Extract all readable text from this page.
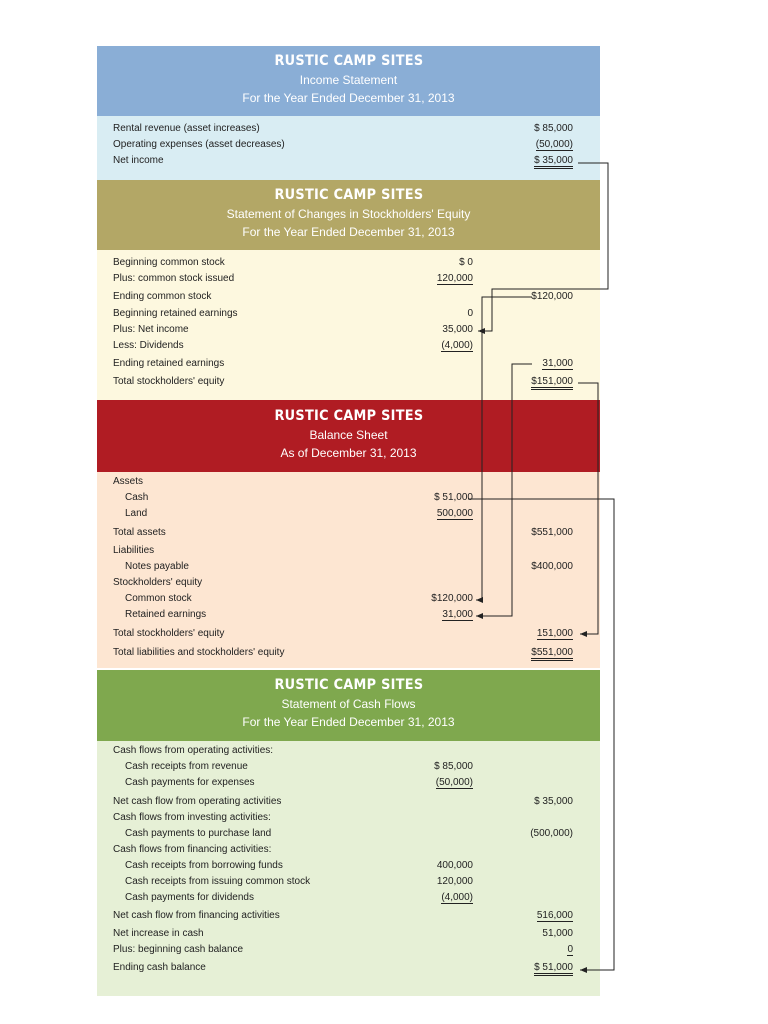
RUSTIC CAMP SITES
Income Statement
For the Year Ended December 31, 2013
Rental revenue (asset increases)	$ 85,000
Operating expenses (asset decreases)	(50,000)
Net income	$ 35,000
RUSTIC CAMP SITES
Statement of Changes in Stockholders' Equity
For the Year Ended December 31, 2013
Beginning common stock	$ 0
Plus: common stock issued	120,000
Ending common stock	$120,000
Beginning retained earnings	0
Plus: Net income	35,000
Less: Dividends	(4,000)
Ending retained earnings	31,000
Total stockholders' equity	$151,000
RUSTIC CAMP SITES
Balance Sheet
As of December 31, 2013
Assets
Cash	$ 51,000
Land	500,000
Total assets	$551,000
Liabilities
Notes payable	$400,000
Stockholders' equity
Common stock	$120,000
Retained earnings	31,000
Total stockholders' equity	151,000
Total liabilities and stockholders' equity	$551,000
RUSTIC CAMP SITES
Statement of Cash Flows
For the Year Ended December 31, 2013
Cash flows from operating activities:
Cash receipts from revenue	$ 85,000
Cash payments for expenses	(50,000)
Net cash flow from operating activities	$ 35,000
Cash flows from investing activities:
Cash payments to purchase land	(500,000)
Cash flows from financing activities:
Cash receipts from borrowing funds	400,000
Cash receipts from issuing common stock	120,000
Cash payments for dividends	(4,000)
Net cash flow from financing activities	516,000
Net increase in cash	51,000
Plus: beginning cash balance	0
Ending cash balance	$ 51,000
